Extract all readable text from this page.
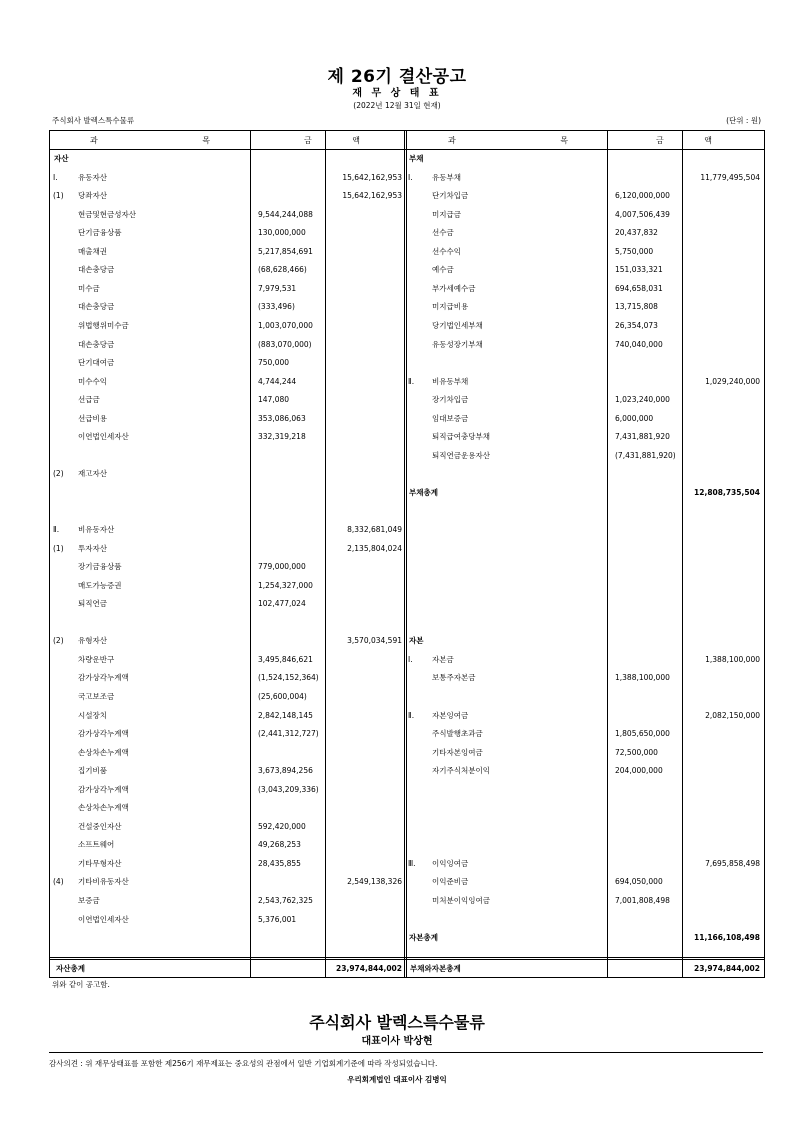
제 26기 결산공고
재 무 상 태 표
(2022년 12월 31일 현재)
주식회사 발렉스특수물류	(단위 : 원)
과 목	금 액	과 목	금 액
자산총계	23,974,844,002 부채와자본총계	23,974,844,002
자산
Ⅰ.	유동자산	15,642,162,953
(1) 당좌자산	15,642,162,953
현금및현금성자산	9,544,244,088
단기금융상품	130,000,000
매출채권	5,217,854,691
대손충당금	(68,628,466)
미수금	7,979,531
대손충당금	(333,496)
위법행위미수금	1,003,070,000
대손충당금	(883,070,000)
단기대여금	750,000
미수수익	4,744,244
선급금	147,080
선급비용	353,086,063
이연법인세자산	332,319,218
(2) 재고자산
Ⅱ.	비유동자산	8,332,681,049
(1) 투자자산	2,135,804,024
장기금융상품	779,000,000
매도가능증권	1,254,327,000
퇴직연금	102,477,024
(2) 유형자산	3,570,034,591
차량운반구	3,495,846,621
감가상각누계액	(1,524,152,364)
국고보조금	(25,600,004)
시설장치	2,842,148,145
감가상각누계액	(2,441,312,727)
손상차손누계액
집기비품	3,673,894,256
감가상각누계액	(3,043,209,336)
손상차손누계액
건설중인자산	592,420,000
소프트웨어	49,268,253
기타무형자산	28,435,855
(4) 기타비유동자산	2,549,138,326
보증금	2,543,762,325
이연법인세자산	5,376,001
부채
Ⅰ.	유동부채	11,779,495,504
단기차입금	6,120,000,000
미지급금	4,007,506,439
선수금	20,437,832
선수수익	5,750,000
예수금	151,033,321
부가세예수금	694,658,031
미지급비용	13,715,808
당기법인세부채	26,354,073
유동성장기부채	740,040,000
Ⅱ. 비유동부채	1,029,240,000
장기차입금	1,023,240,000
임대보증금	6,000,000
퇴직급여충당부채	7,431,881,920
퇴직연금운용자산	(7,431,881,920)
부채총계	12,808,735,504
자본
Ⅰ.	자본금	1,388,100,000
보통주자본금	1,388,100,000
Ⅱ. 자본잉여금	2,082,150,000
주식발행초과금	1,805,650,000
기타자본잉여금	72,500,000
자기주식처분이익	204,000,000
Ⅲ. 이익잉여금	7,695,858,498
이익준비금	694,050,000
미처분이익잉여금	7,001,808,498
자본총계	11,166,108,498
위와 같이 공고함.
주식회사 발렉스특수물류
대표이사 박상현
감사의견 : 위 재무상태표를 포함한 제256기 재무제표는 중요성의 관점에서 일반 기업회계기준에 따라 작성되었습니다.
우리회계법인 대표이사 김병익
